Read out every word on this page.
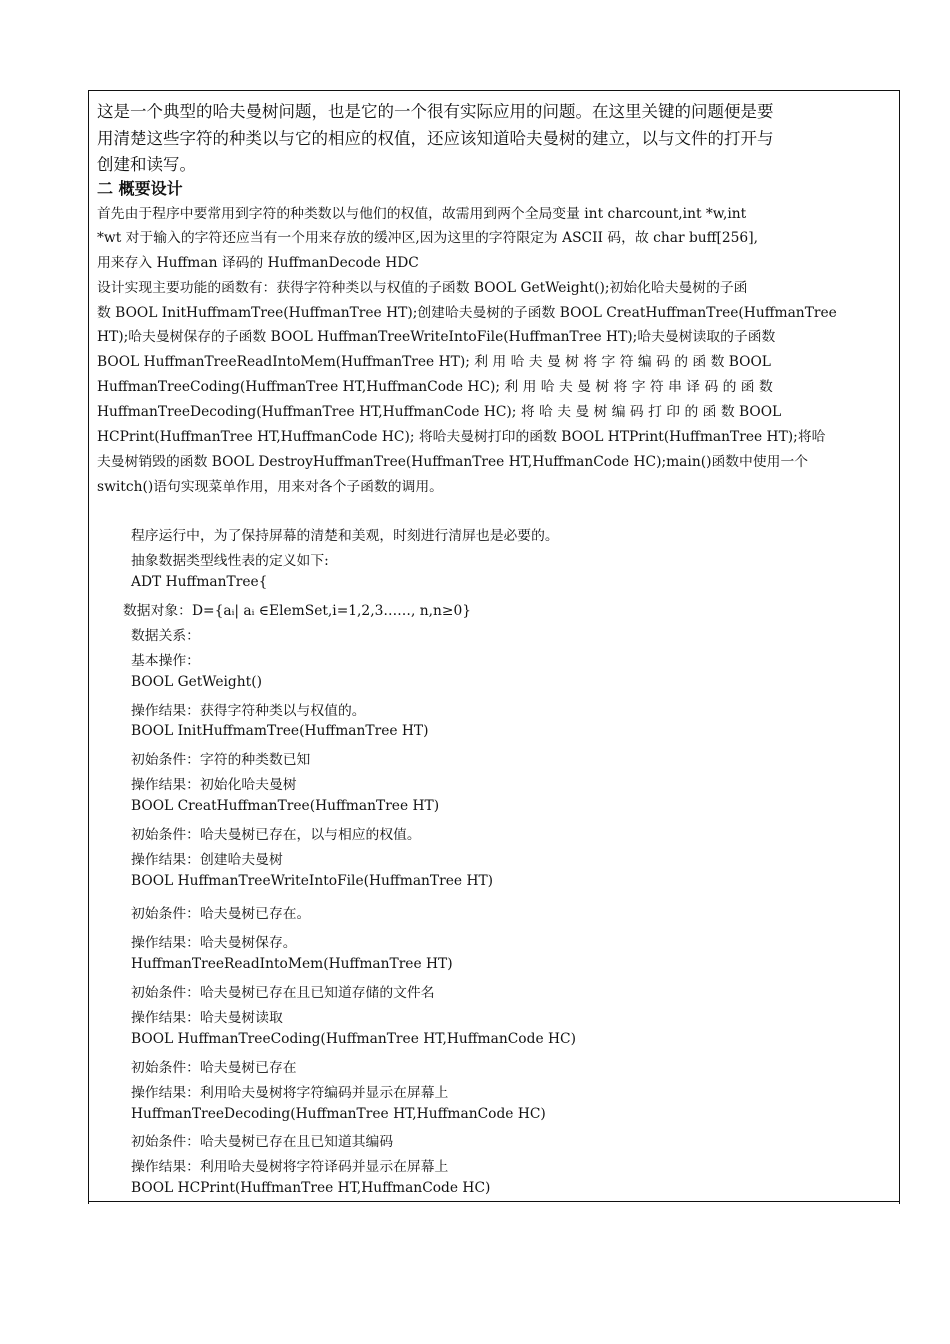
这是一个典型的哈夫曼树问题，也是它的一个很有实际应用的问题。在这里关键的问题便是要
用清楚这些字符的种类以与它的相应的权值，还应该知道哈夫曼树的建立，以与文件的打开与
创建和读写。
二 概要设计
首先由于程序中要常用到字符的种类数以与他们的权值，故需用到两个全局变量 int charcount,int *w,int
*wt 对于输入的字符还应当有一个用来存放的缓冲区,因为这里的字符限定为 ASCII 码，故 char buff[256],
用来存入 Huffman 译码的 HuffmanDecode HDC
设计实现主要功能的函数有：获得字符种类以与权值的子函数 BOOL GetWeight();初始化哈夫曼树的子函
数 BOOL InitHuffmamTree(HuffmanTree HT);创建哈夫曼树的子函数 BOOL CreatHuffmanTree(HuffmanTree
HT);哈夫曼树保存的子函数 BOOL HuffmanTreeWriteIntoFile(HuffmanTree HT);哈夫曼树读取的子函数
BOOL HuffmanTreeReadIntoMem(HuffmanTree HT); 利 用 哈 夫 曼 树 将 字 符 编 码 的 函 数 BOOL
HuffmanTreeCoding(HuffmanTree HT,HuffmanCode HC); 利 用 哈 夫 曼 树 将 字 符 串 译 码 的 函 数
HuffmanTreeDecoding(HuffmanTree HT,HuffmanCode HC); 将 哈 夫 曼 树 编 码 打 印 的 函 数 BOOL
HCPrint(HuffmanTree HT,HuffmanCode HC); 将哈夫曼树打印的函数 BOOL HTPrint(HuffmanTree HT);将哈
夫曼树销毁的函数 BOOL DestroyHuffmanTree(HuffmanTree HT,HuffmanCode HC);main()函数中使用一个
switch()语句实现菜单作用，用来对各个子函数的调用。
程序运行中，为了保持屏幕的清楚和美观，时刻进行清屏也是必要的。
抽象数据类型线性表的定义如下:
ADT HuffmanTree{
数据对象：D={aᵢ| aᵢ ∈ElemSet,i=1,2,3……, n,n≥0}
数据关系：
基本操作：
BOOL GetWeight()
操作结果：获得字符种类以与权值的。
BOOL InitHuffmamTree(HuffmanTree HT)
初始条件：字符的种类数已知
操作结果：初始化哈夫曼树
BOOL CreatHuffmanTree(HuffmanTree HT)
初始条件：哈夫曼树已存在，以与相应的权值。
操作结果：创建哈夫曼树
BOOL HuffmanTreeWriteIntoFile(HuffmanTree HT)
初始条件：哈夫曼树已存在。
操作结果：哈夫曼树保存。
HuffmanTreeReadIntoMem(HuffmanTree HT)
初始条件：哈夫曼树已存在且已知道存储的文件名
操作结果：哈夫曼树读取
BOOL HuffmanTreeCoding(HuffmanTree HT,HuffmanCode HC)
初始条件：哈夫曼树已存在
操作结果：利用哈夫曼树将字符编码并显示在屏幕上
HuffmanTreeDecoding(HuffmanTree HT,HuffmanCode HC)
初始条件：哈夫曼树已存在且已知道其编码
操作结果：利用哈夫曼树将字符译码并显示在屏幕上
BOOL HCPrint(HuffmanTree HT,HuffmanCode HC)
